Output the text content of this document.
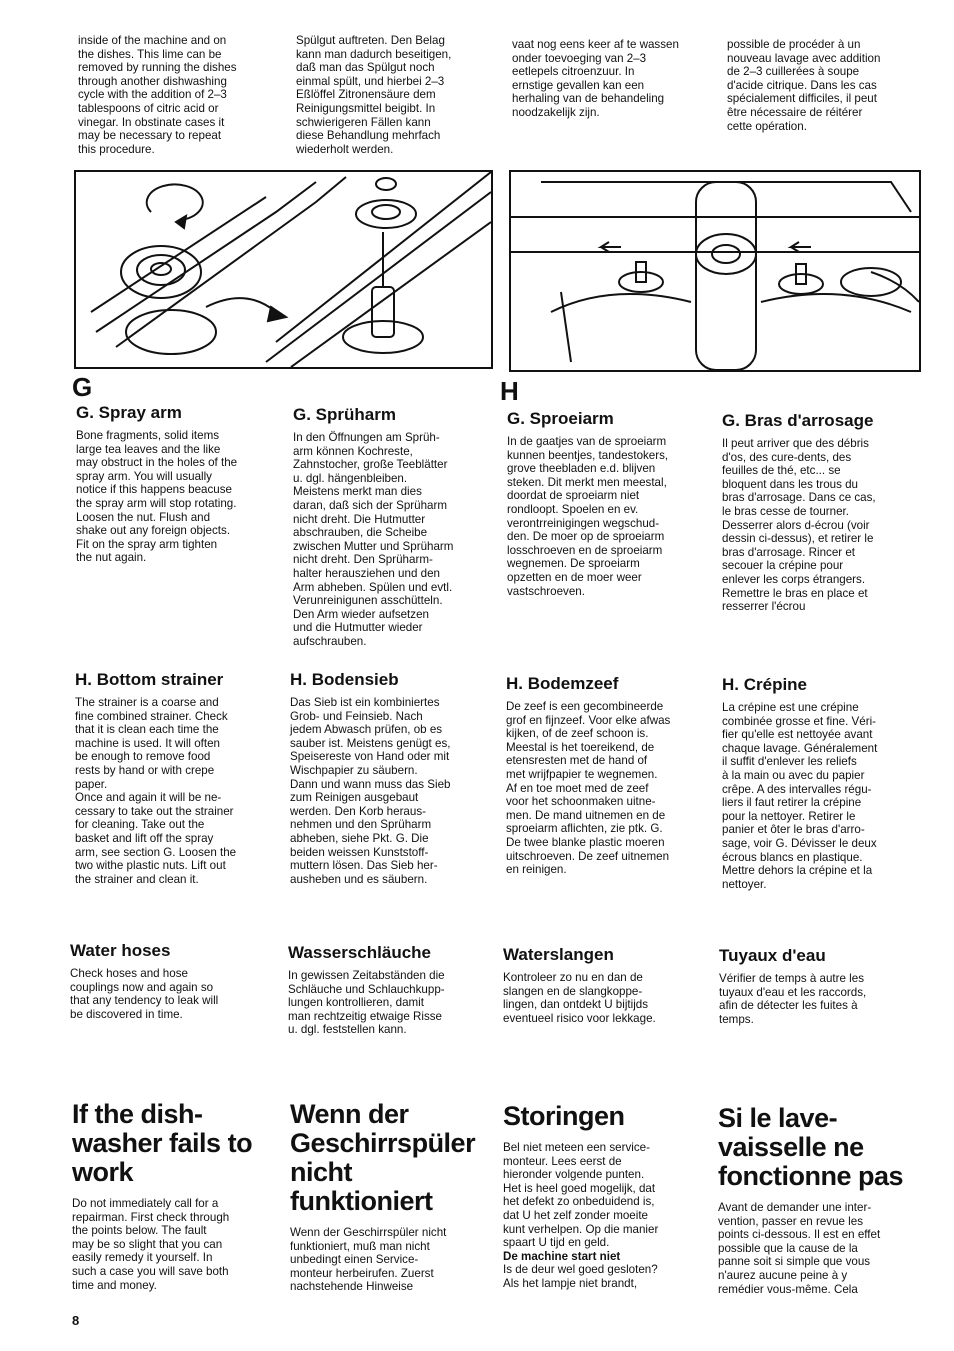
inside of the machine and on
the dishes. This lime can be
removed by running the dishes
through another dishwashing
cycle with the addition of 2–3
tablespoons of citric acid or
vinegar. In obstinate cases it
may be necessary to repeat
this procedure.

Spülgut auftreten. Den Belag
kann man dadurch beseitigen,
daß man das Spülgut noch
einmal spült, und hierbei 2–3
Eßlöffel Zitronensäure dem
Reinigungsmittel beigibt. In
schwierigeren Fällen kann
diese Behandlung mehrfach
wiederholt werden.

vaat nog eens keer af te wassen
onder toevoeging van 2–3
eetlepels citroenzuur. In
ernstige gevallen kan een
herhaling van de behandeling
noodzakelijk zijn.

possible de procéder à un
nouveau lavage avec addition
de 2–3 cuillerées à soupe
d'acide citrique. Dans les cas
spécialement difficiles, il peut
être nécessaire de réitérer
cette opération.

G	H
G. Spray arm

Bone fragments, solid items
large tea leaves and the like
may obstruct in the holes of the
spray arm. You will usually
notice if this happens beacuse
the spray arm will stop rotating.
Loosen the nut. Flush and
shake out any foreign objects.
Fit on the spray arm tighten
the nut again.

G. Sprüharm

In den Öffnungen am Sprüh-
arm können Kochreste,
Zahnstocher, große Teeblätter
u. dgl. hängenbleiben.
Meistens merkt man dies
daran, daß sich der Sprüharm
nicht dreht. Die Hutmutter
abschrauben, die Scheibe
zwischen Mutter und Sprüharm
nicht dreht. Den Sprüharm-
halter herausziehen und den
Arm abheben. Spülen und evtl.
Verunreinigunen asschütteln.
Den Arm wieder aufsetzen
und die Hutmutter wieder
aufschrauben.

G. Sproeiarm

In de gaatjes van de sproeiarm
kunnen beentjes, tandestokers,
grove theebladen e.d. blijven
steken. Dit merkt men meestal,
doordat de sproeiarm niet
rondloopt. Spoelen en ev.
verontrreinigingen wegschud-
den. De moer op de sproeiarm
losschroeven en de sproeiarm
wegnemen. De sproeiarm
opzetten en de moer weer
vastschroeven.

G. Bras d'arrosage

Il peut arriver que des débris
d'os, des cure-dents, des
feuilles de thé, etc... se
bloquent dans les trous du
bras d'arrosage. Dans ce cas,
le bras cesse de tourner.
Desserrer alors d-écrou (voir
dessin ci-dessus), et retirer le
bras d'arrosage. Rincer et
secouer la crépine pour
enlever les corps étrangers.
Remettre le bras en place et
resserrer l'écrou

H. Bottom strainer

The strainer is a coarse and
fine combined strainer. Check
that it is clean each time the
machine is used. It will often
be enough to remove food
rests by hand or with crepe
paper.
Once and again it will be ne-
cessary to take out the strainer
for cleaning. Take out the
basket and lift off the spray
arm, see section G. Loosen the
two withe plastic nuts. Lift out
the strainer and clean it.

H. Bodensieb

Das Sieb ist ein kombiniertes
Grob- und Feinsieb. Nach
jedem Abwasch prüfen, ob es
sauber ist. Meistens genügt es,
Speisereste von Hand oder mit
Wischpapier zu säubern.
Dann und wann muss das Sieb
zum Reinigen ausgebaut
werden. Den Korb heraus-
nehmen und den Sprüharm
abheben, siehe Pkt. G. Die
beiden weissen Kunststoff-
muttern lösen. Das Sieb her-
ausheben und es säubern.

H. Bodemzeef

De zeef is een gecombineerde
grof en fijnzeef. Voor elke afwas
kijken, of de zeef schoon is.
Meestal is het toereikend, de
etensresten met de hand of
met wrijfpapier te wegnemen.
Af en toe moet med de zeef
voor het schoonmaken uitne-
men. De mand uitnemen en de
sproeiarm aflichten, zie ptk. G.
De twee blanke plastic moeren
uitschroeven. De zeef uitnemen
en reinigen.

H. Crépine

La crépine est une crépine
combinée grosse et fine. Véri-
fier qu'elle est nettoyée avant
chaque lavage. Généralement
il suffit d'enlever les reliefs
à la main ou avec du papier
crêpe. A des intervalles régu-
liers il faut retirer la crépine
pour la nettoyer. Retirer le
panier et ôter le bras d'arro-
sage, voir G. Dévisser le deux
écrous blancs en plastique.
Mettre dehors la crépine et la
nettoyer.

Water hoses

Check hoses and hose
couplings now and again so
that any tendency to leak will
be discovered in time.

Wasserschläuche

In gewissen Zeitabständen die
Schläuche und Schlauchkupp-
lungen kontrollieren, damit
man rechtzeitig etwaige Risse
u. dgl. feststellen kann.

Waterslangen

Kontroleer zo nu en dan de
slangen en de slangkoppe-
lingen, dan ontdekt U bijtijds
eventueel risico voor lekkage.

Tuyaux d'eau

Vérifier de temps à autre les
tuyaux d'eau et les raccords,
afin de détecter les fuites à
temps.

If the dish-
washer fails to
work

Do not immediately call for a
repairman. First check through
the points below. The fault
may be so slight that you can
easily remedy it yourself. In
such a case you will save both
time and money.

Wenn der
Geschirrspüler
nicht
funktioniert

Wenn der Geschirrspüler nicht
funktioniert, muß man nicht
unbedingt einen Service-
monteur herbeirufen. Zuerst
nachstehende Hinweise

Storingen

Bel niet meteen een service-
monteur. Lees eerst de
hieronder volgende punten.
Het is heel goed mogelijk, dat
het defekt zo onbeduidend is,
dat U het zelf zonder moeite
kunt verhelpen. Op die manier
spaart U tijd en geld.

De machine start niet

Is de deur wel goed gesloten?
Als het lampje niet brandt,

Si le lave-
vaisselle ne
fonctionne pas

Avant de demander une inter-
vention, passer en revue les
points ci-dessous. Il est en effet
possible que la cause de la
panne soit si simple que vous
n'aurez aucune peine à y
remédier vous-même. Cela

8
